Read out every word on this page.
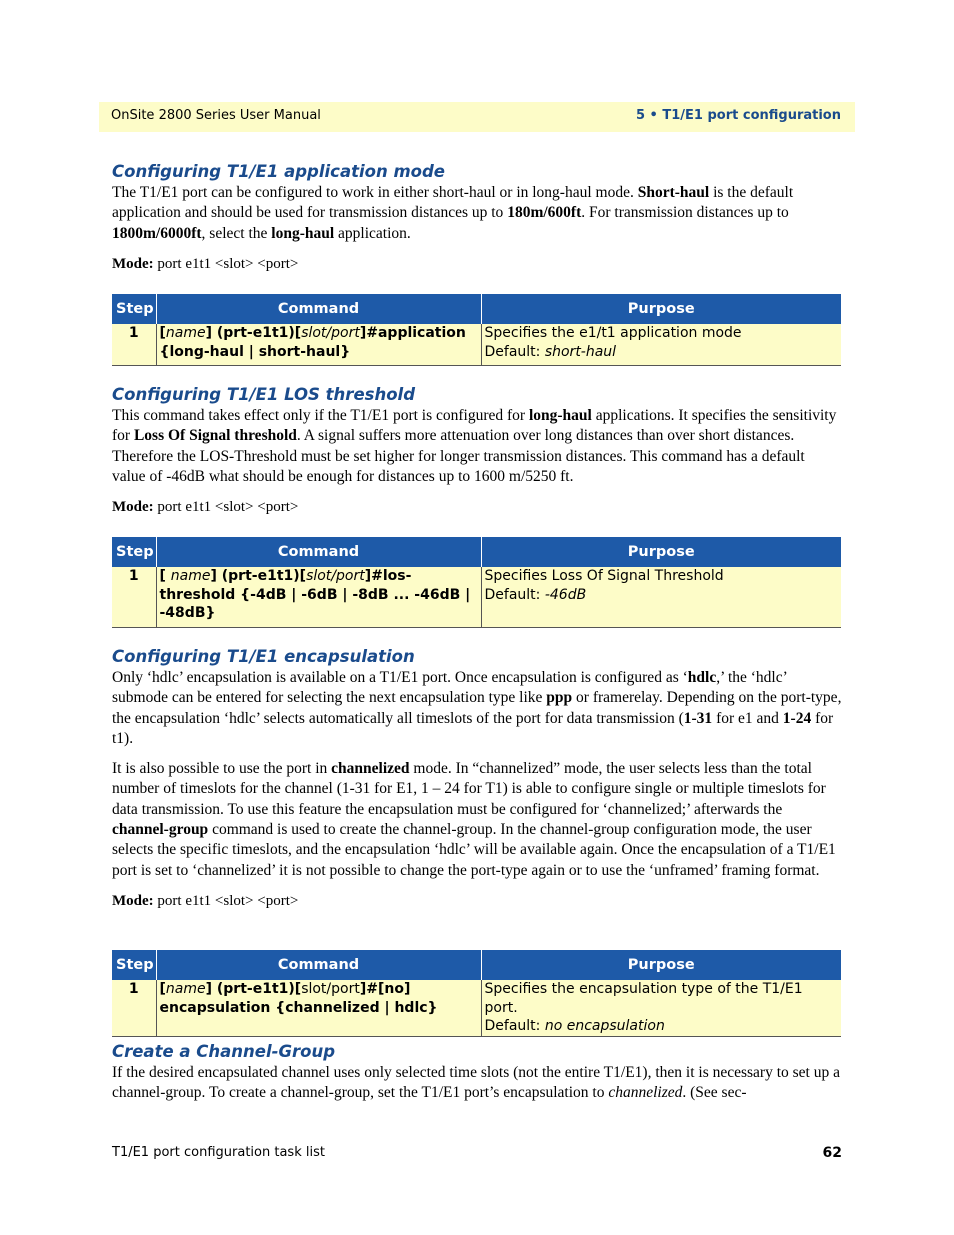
OnSite 2800 Series User Manual	5 • T1/E1 port configuration
Configuring T1/E1 application mode

The T1/E1 port can be configured to work in either short-haul or in long-haul mode. Short-haul is the default application and should be used for transmission distances up to 180m/600ft. For transmission distances up to 1800m/6000ft, select the long-haul application.

Mode: port e1t1 <slot> <port>

Step	Command	Purpose
1	[name] (prt-e1t1)[slot/port]#application {long-haul | short-haul}	Specifies the e1/t1 application mode
Default: short-haul
Configuring T1/E1 LOS threshold

This command takes effect only if the T1/E1 port is configured for long-haul applications. It specifies the sensitivity for Loss Of Signal threshold. A signal suffers more attenuation over long distances than over short distances. Therefore the LOS-Threshold must be set higher for longer transmission distances. This command has a default value of -46dB what should be enough for distances up to 1600 m/5250 ft.

Mode: port e1t1 <slot> <port>

Step	Command	Purpose
1	[ name] (prt-e1t1)[slot/port]#los-threshold {-4dB | -6dB | -8dB ... -46dB | -48dB}	Specifies Loss Of Signal Threshold
Default: -46dB
Configuring T1/E1 encapsulation

Only ‘hdlc’ encapsulation is available on a T1/E1 port. Once encapsulation is configured as ‘hdlc,’ the ‘hdlc’ submode can be entered for selecting the next encapsulation type like ppp or framerelay. Depending on the port-type, the encapsulation ‘hdlc’ selects automatically all timeslots of the port for data transmission (1-31 for e1 and 1-24 for t1).

It is also possible to use the port in channelized mode. In “channelized” mode, the user selects less than the total number of timeslots for the channel (1-31 for E1, 1 – 24 for T1) is able to configure single or multiple timeslots for data transmission. To use this feature the encapsulation must be configured for ‘channelized;’ afterwards the channel-group command is used to create the channel-group. In the channel-group configuration mode, the user selects the specific timeslots, and the encapsulation ‘hdlc’ will be available again. Once the encapsulation of a T1/E1 port is set to ‘channelized’ it is not possible to change the port-type again or to use the ‘unframed’ framing format.

Mode: port e1t1 <slot> <port>

Step	Command	Purpose
1	[name] (prt-e1t1)[slot/port]#[no] encapsulation {channelized | hdlc}	Specifies the encapsulation type of the T1/E1 port.
Default: no encapsulation
Create a Channel-Group

If the desired encapsulated channel uses only selected time slots (not the entire T1/E1), then it is necessary to set up a channel-group. To create a channel-group, set the T1/E1 port’s encapsulation to channelized. (See sec-

T1/E1 port configuration task list	62
